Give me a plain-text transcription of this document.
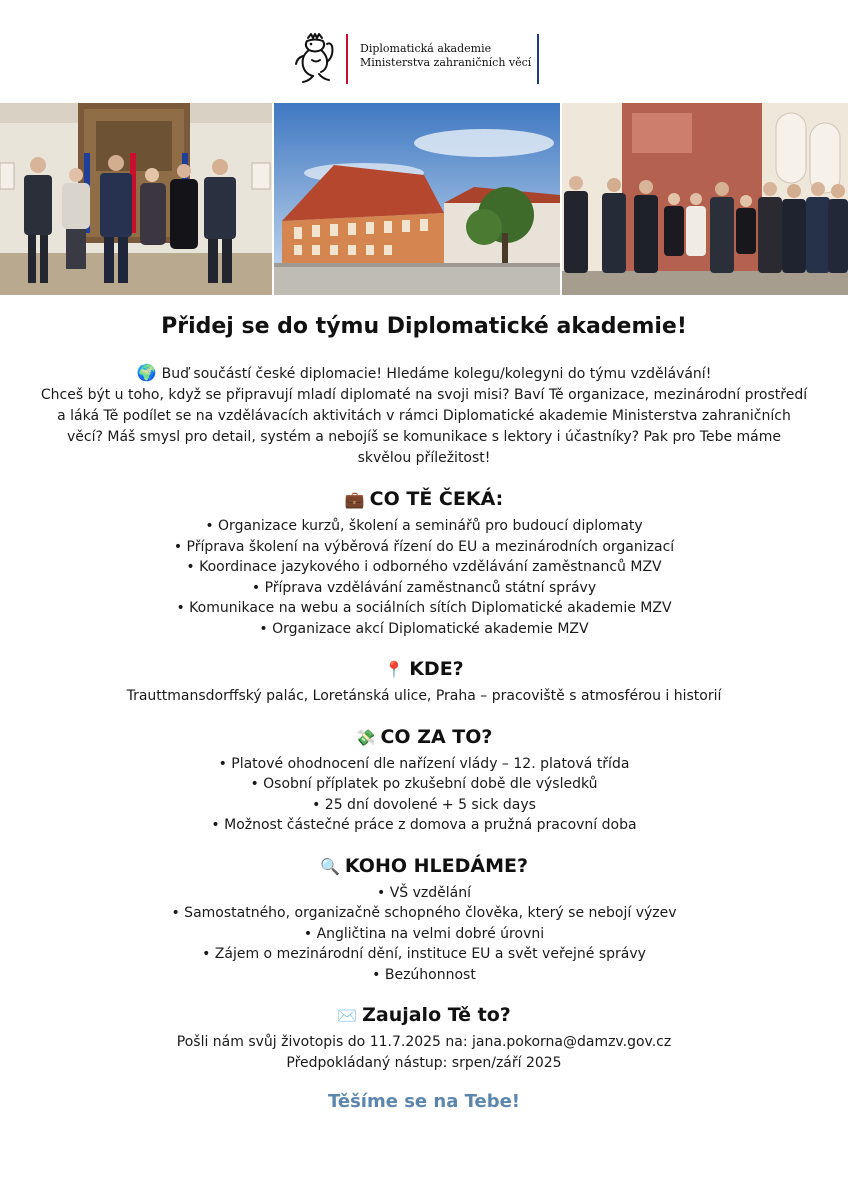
Diplomatická akademie
Ministerstva zahraničních věcí
Přidej se do týmu Diplomatické akademie!

🌍 Buď součástí české diplomacie! Hledáme kolegu/kolegyni do týmu vzdělávání!

Chceš být u toho, když se připravují mladí diplomaté na svoji misi? Baví Tě organizace, mezinárodní prostředí a láká Tě podílet se na vzdělávacích aktivitách v rámci Diplomatické akademie Ministerstva zahraničních věcí? Máš smysl pro detail, systém a nebojíš se komunikace s lektory i účastníky? Pak pro Tebe máme skvělou příležitost!

💼 CO TĚ ČEKÁ:
• Organizace kurzů, školení a seminářů pro budoucí diplomaty
• Příprava školení na výběrová řízení do EU a mezinárodních organizací
• Koordinace jazykového i odborného vzdělávání zaměstnanců MZV
• Příprava vzdělávání zaměstnanců státní správy
• Komunikace na webu a sociálních sítích Diplomatické akademie MZV
• Organizace akcí Diplomatické akademie MZV
📍 KDE?

Trauttmansdorffský palác, Loretánská ulice, Praha – pracoviště s atmosférou i historií

💸 CO ZA TO?
• Platové ohodnocení dle nařízení vlády – 12. platová třída
• Osobní příplatek po zkušební době dle výsledků
• 25 dní dovolené + 5 sick days
• Možnost částečné práce z domova a pružná pracovní doba
🔍 KOHO HLEDÁME?
• VŠ vzdělání
• Samostatného, organizačně schopného člověka, který se nebojí výzev
• Angličtina na velmi dobré úrovni
• Zájem o mezinárodní dění, instituce EU a svět veřejné správy
• Bezúhonnost
✉️ Zaujalo Tě to?

Pošli nám svůj životopis do 11.7.2025 na: jana.pokorna@damzv.gov.cz

Předpokládaný nástup: srpen/září 2025

Těšíme se na Tebe!
